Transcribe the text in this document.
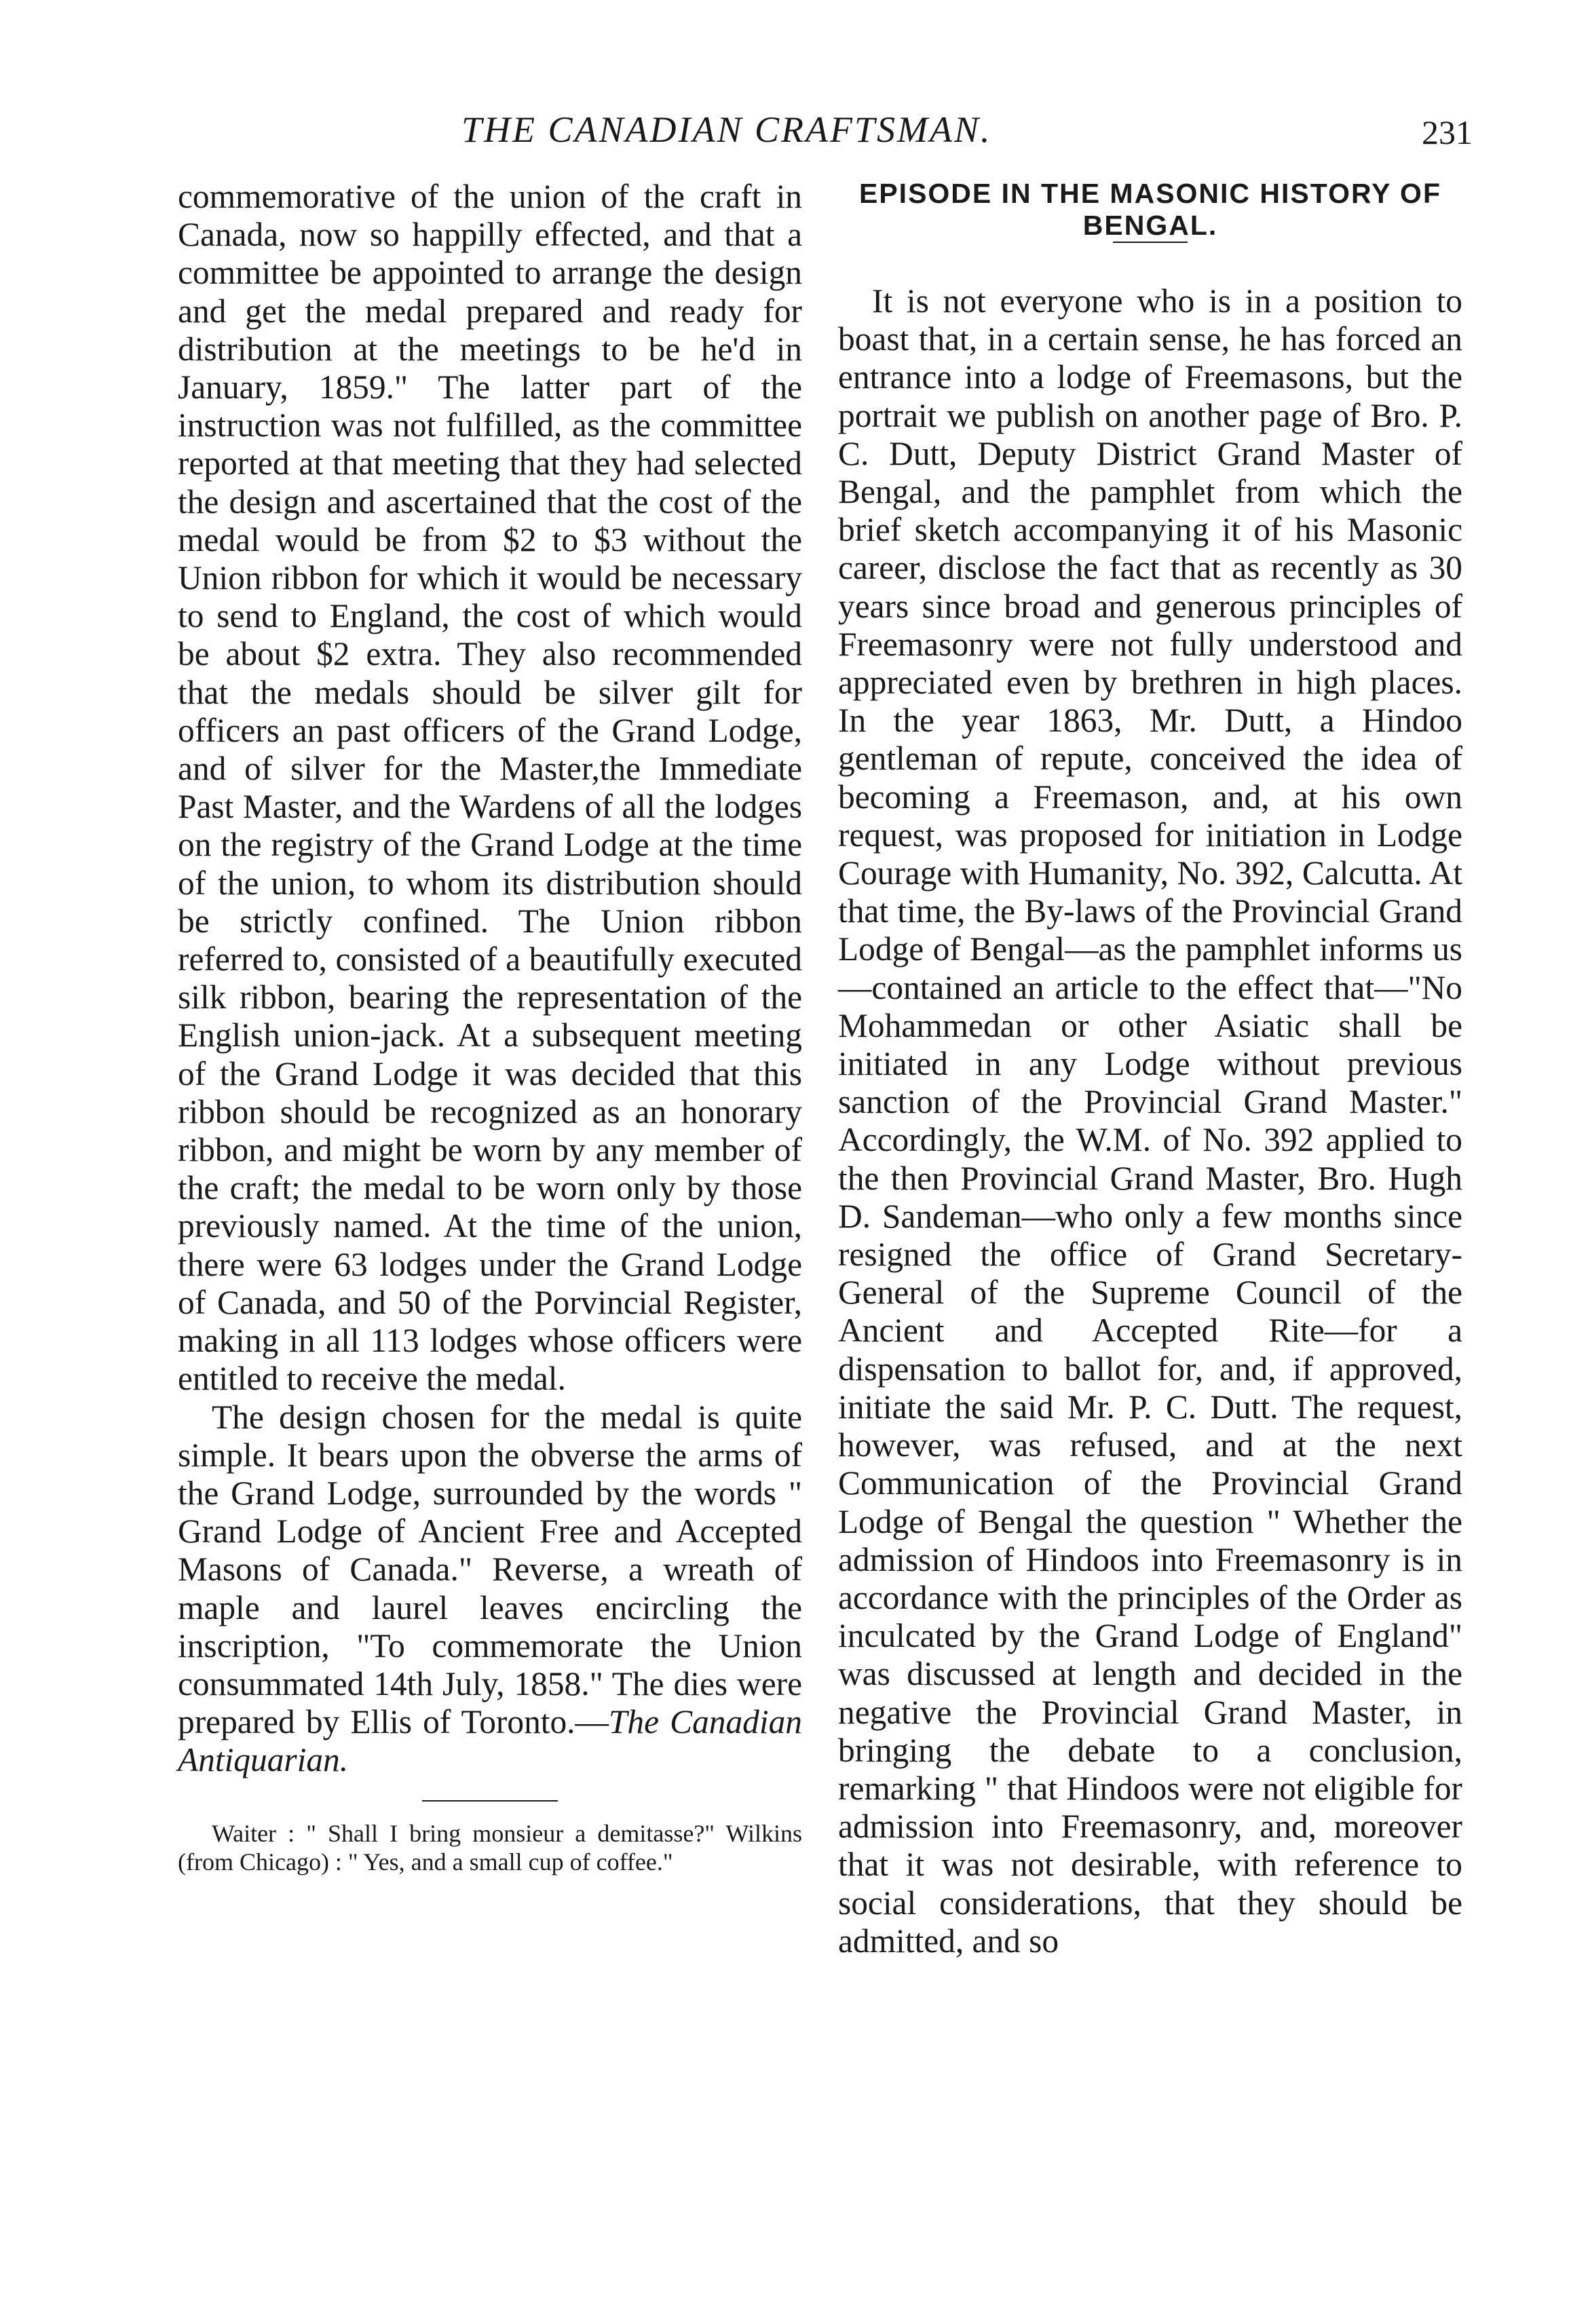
THE CANADIAN CRAFTSMAN.	231

commemorative of the union of the craft in Canada, now so happilly effected, and that a committee be appointed to arrange the design and get the medal prepared and ready for distribution at the meetings to be he'd in January, 1859." The latter part of the instruction was not fulfilled, as the committee reported at that meeting that they had selected the design and ascertained that the cost of the medal would be from $2 to $3 without the Union ribbon for which it would be necessary to send to England, the cost of which would be about $2 extra. They also recommended that the medals should be silver gilt for officers an past officers of the Grand Lodge, and of silver for the Master,the Immediate Past Master, and the Wardens of all the lodges on the registry of the Grand Lodge at the time of the union, to whom its distribution should be strictly confined. The Union ribbon referred to, consisted of a beautifully executed silk ribbon, bearing the representation of the English union-jack. At a subsequent meeting of the Grand Lodge it was decided that this ribbon should be recognized as an honorary ribbon, and might be worn by any member of the craft; the medal to be worn only by those previously named. At the time of the union, there were 63 lodges under the Grand Lodge of Canada, and 50 of the Porvincial Register, making in all 113 lodges whose officers were entitled to receive the medal.

The design chosen for the medal is quite simple. It bears upon the obverse the arms of the Grand Lodge, surrounded by the words " Grand Lodge of Ancient Free and Accepted Masons of Canada." Reverse, a wreath of maple and laurel leaves encircling the inscription, "To commemorate the Union consummated 14th July, 1858." The dies were prepared by Ellis of Toronto.—The Canadian Antiquarian.

Waiter : " Shall I bring monsieur a demitasse?" Wilkins (from Chicago) : " Yes, and a small cup of coffee."

EPISODE IN THE MASONIC HISTORY OF BENGAL.

It is not everyone who is in a position to boast that, in a certain sense, he has forced an entrance into a lodge of Freemasons, but the portrait we publish on another page of Bro. P. C. Dutt, Deputy District Grand Master of Bengal, and the pamphlet from which the brief sketch accompanying it of his Masonic career, disclose the fact that as recently as 30 years since broad and generous principles of Freemasonry were not fully understood and appreciated even by brethren in high places. In the year 1863, Mr. Dutt, a Hindoo gentleman of repute, conceived the idea of becoming a Freemason, and, at his own request, was proposed for initiation in Lodge Courage with Humanity, No. 392, Calcutta. At that time, the By-laws of the Provincial Grand Lodge of Bengal—as the pamphlet informs us—contained an article to the effect that—"No Mohammedan or other Asiatic shall be initiated in any Lodge without previous sanction of the Provincial Grand Master." Accordingly, the W.M. of No. 392 applied to the then Provincial Grand Master, Bro. Hugh D. Sandeman—who only a few months since resigned the office of Grand Secretary-General of the Supreme Council of the Ancient and Accepted Rite—for a dispensation to ballot for, and, if approved, initiate the said Mr. P. C. Dutt. The request, however, was refused, and at the next Communication of the Provincial Grand Lodge of Bengal the question " Whether the admission of Hindoos into Freemasonry is in accordance with the principles of the Order as inculcated by the Grand Lodge of England" was discussed at length and decided in the negative the Provincial Grand Master, in bringing the debate to a conclusion, remarking " that Hindoos were not eligible for admission into Freemasonry, and, moreover that it was not desirable, with reference to social considerations, that they should be admitted, and so
